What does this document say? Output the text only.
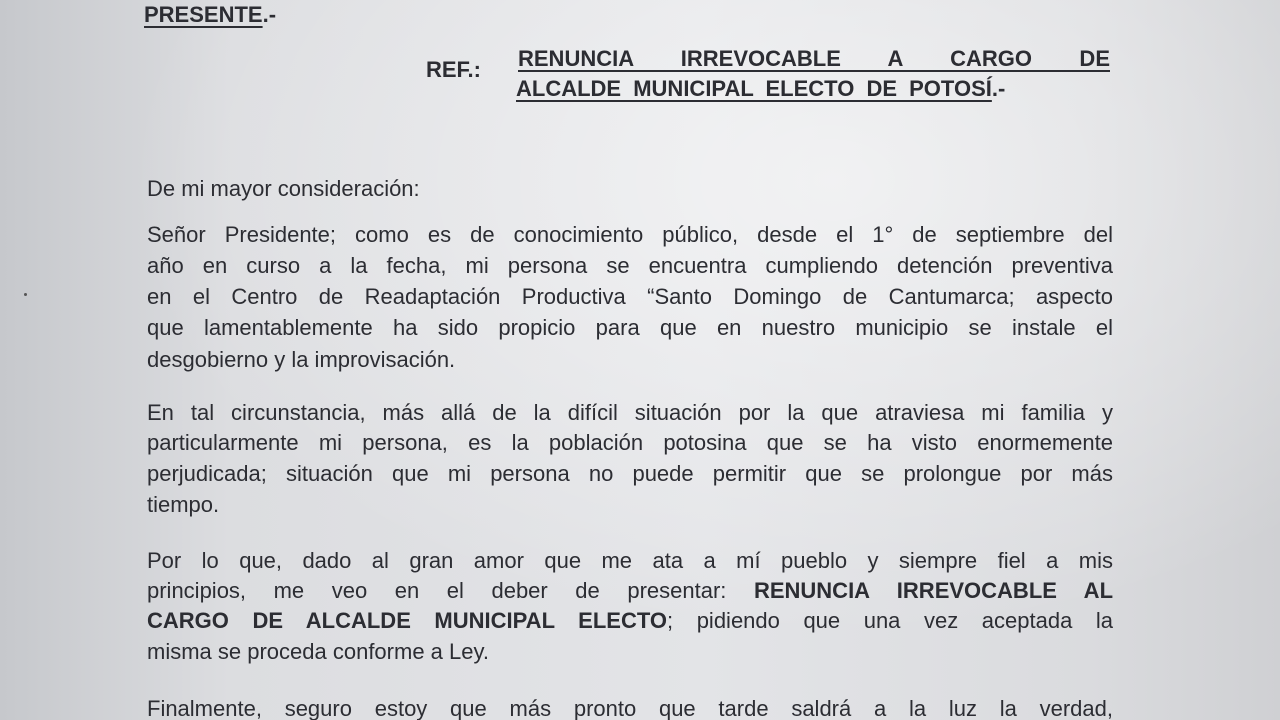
PRESENTE.-
REF.: RENUNCIA IRREVOCABLE A CARGO DE
ALCALDE MUNICIPAL ELECTO DE POTOSÍ.-
De mi mayor consideración:
Señor Presidente; como es de conocimiento público, desde el 1° de septiembre del
año en curso a la fecha, mi persona se encuentra cumpliendo detención preventiva
en el Centro de Readaptación Productiva “Santo Domingo de Cantumarca; aspecto
que lamentablemente ha sido propicio para que en nuestro municipio se instale el
desgobierno y la improvisación.
En tal circunstancia, más allá de la difícil situación por la que atraviesa mi familia y
particularmente mi persona, es la población potosina que se ha visto enormemente
perjudicada; situación que mi persona no puede permitir que se prolongue por más
tiempo.
Por lo que, dado al gran amor que me ata a mí pueblo y siempre fiel a mis
principios, me veo en el deber de presentar: RENUNCIA IRREVOCABLE AL
CARGO DE ALCALDE MUNICIPAL ELECTO; pidiendo que una vez aceptada la
misma se proceda conforme a Ley.
Finalmente, seguro estoy que más pronto que tarde saldrá a la luz la verdad,
